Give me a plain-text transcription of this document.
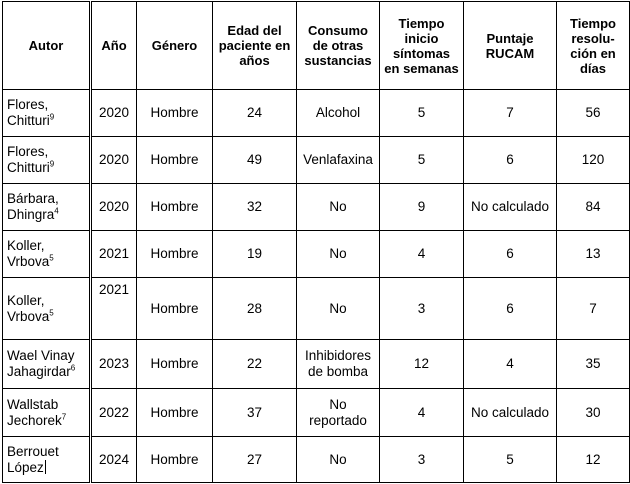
Autor	Año	Género	Edad del paciente en años	Consumo de otras sustancias	Tiempo inicio síntomas en semanas	Puntaje RUCAM	Tiempo resolu- ción en días
Flores, Chitturi$^9$	2020	Hombre	24	Alcohol	5	7	56
Flores, Chitturi$^9$	2020	Hombre	49	Venlafaxina	5	6	120
Bárbara, Dhingra$^4$	2020	Hombre	32	No	9	No calculado	84
Koller, Vrbova$^5$	2021	Hombre	19	No	4	6	13
Koller, Vrbova$^5$	2021	Hombre	28	No	3	6	7
Wael Vinay Jahagirdar$^6$	2023	Hombre	22	Inhibidores de bomba	12	4	35
Wallstab Jechorek$^7$	2022	Hombre	37	No reportado	4	No calculado	30
Berrouet López	2024	Hombre	27	No	3	5	12
